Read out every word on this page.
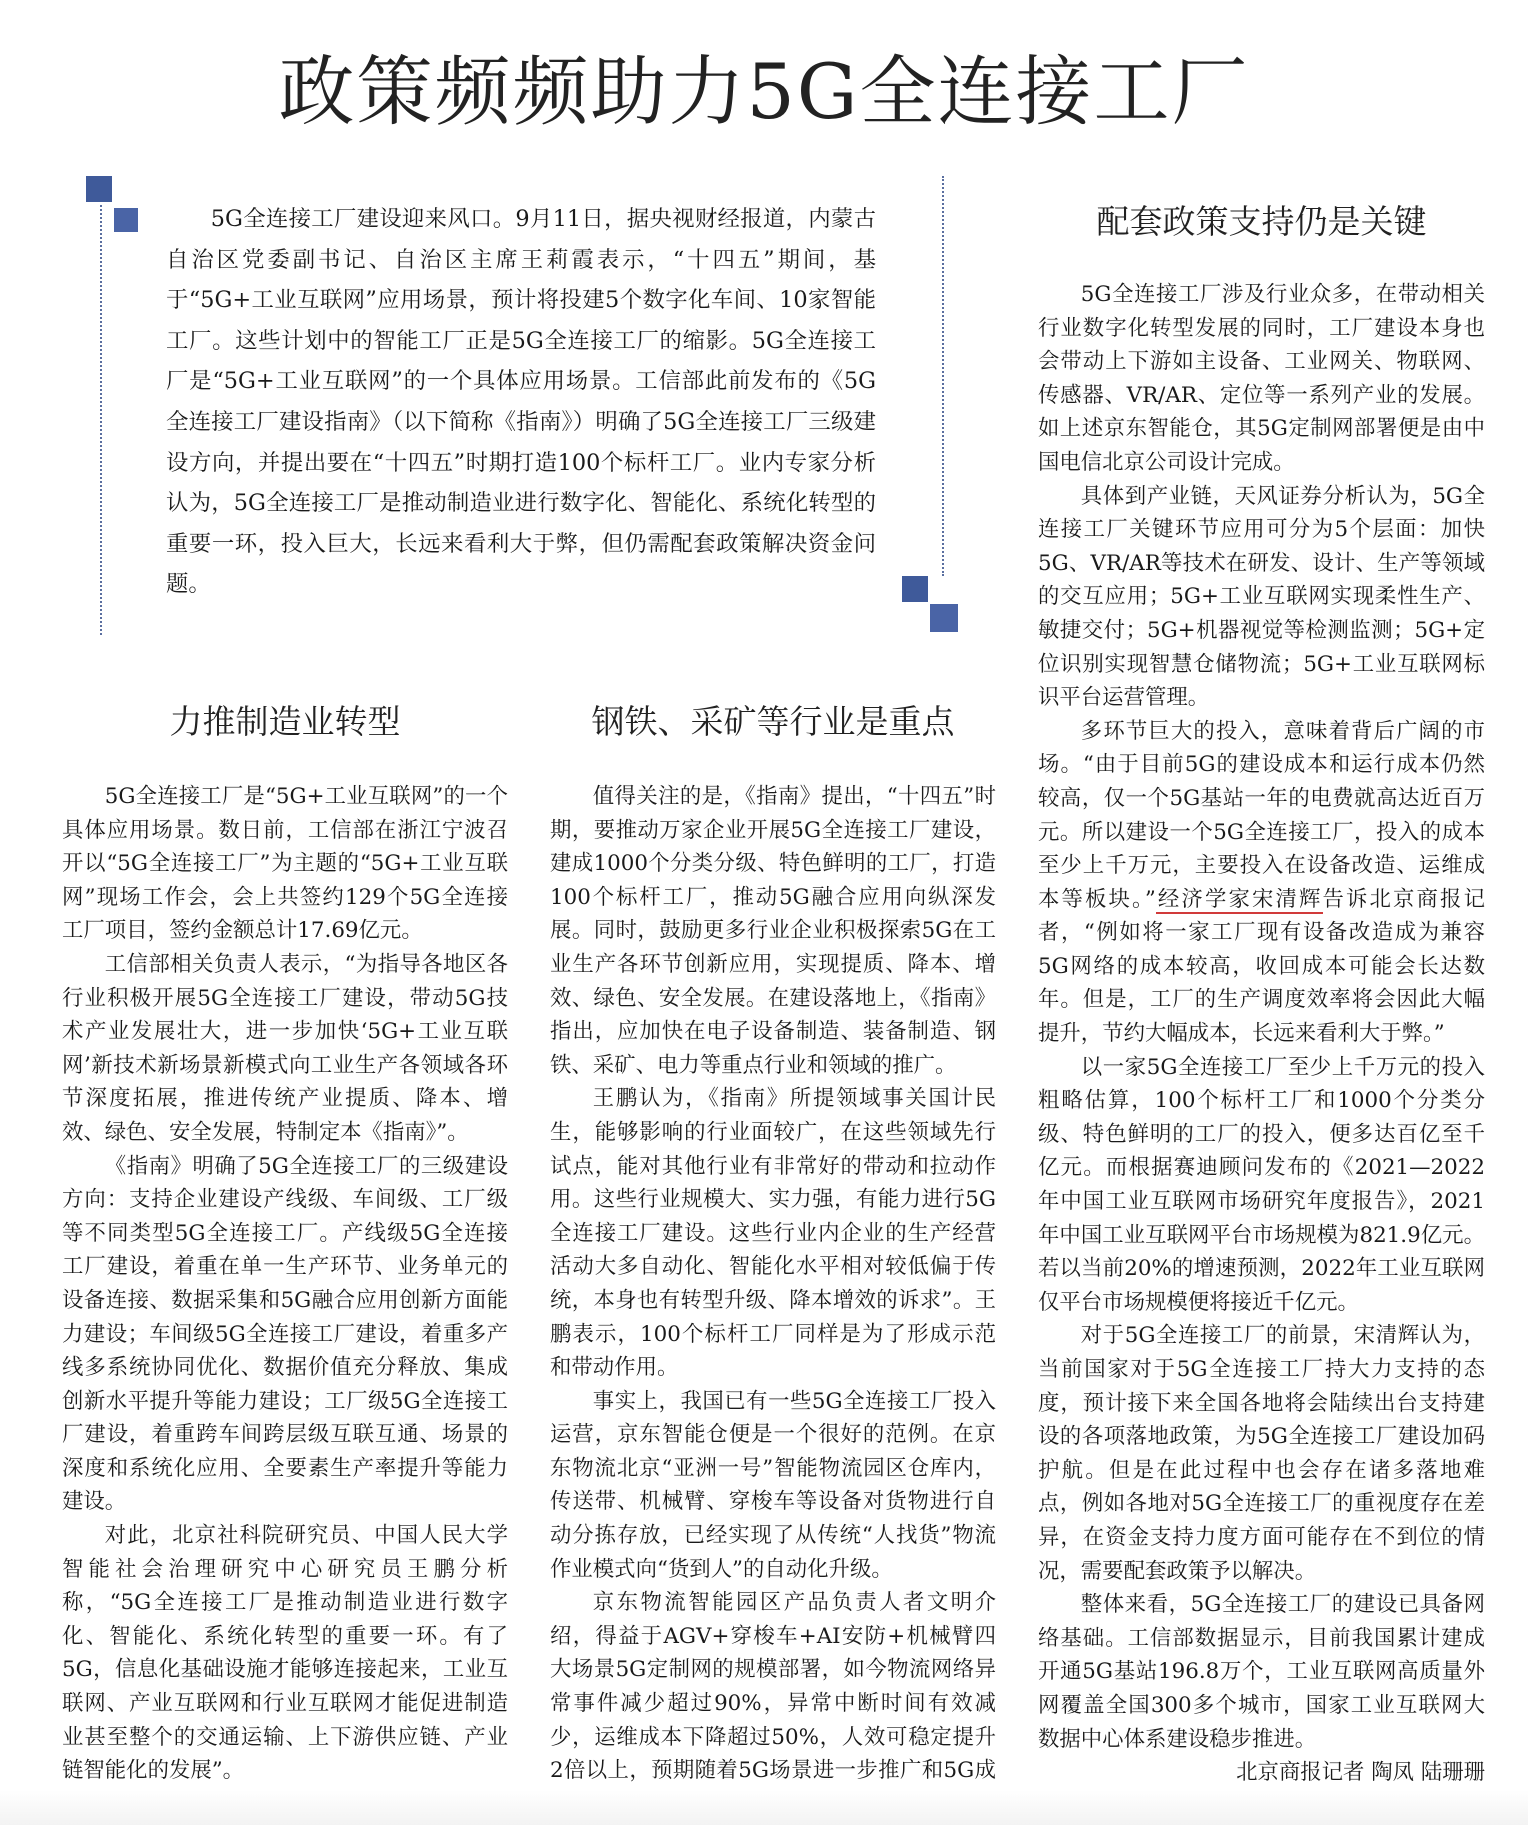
政策频频助力5G全连接工厂

5G全连接工厂建设迎来风口。9月11日，据央视财经报道，内蒙古自治区党委副书记、自治区主席王莉霞表示，“十四五”期间，基于“5G+工业互联网”应用场景，预计将投建5个数字化车间、10家智能工厂。这些计划中的智能工厂正是5G全连接工厂的缩影。5G全连接工厂是“5G+工业互联网”的一个具体应用场景。工信部此前发布的《5G全连接工厂建设指南》（以下简称《指南》）明确了5G全连接工厂三级建设方向，并提出要在“十四五”时期打造100个标杆工厂。业内专家分析认为，5G全连接工厂是推动制造业进行数字化、智能化、系统化转型的重要一环，投入巨大，长远来看利大于弊，但仍需配套政策解决资金问题。

力推制造业转型

5G全连接工厂是“5G+工业互联网”的一个具体应用场景。数日前，工信部在浙江宁波召开以“5G全连接工厂”为主题的“5G+工业互联网”现场工作会，会上共签约129个5G全连接工厂项目，签约金额总计17.69亿元。

工信部相关负责人表示，“为指导各地区各行业积极开展5G全连接工厂建设，带动5G技术产业发展壮大，进一步加快‘5G+工业互联网’新技术新场景新模式向工业生产各领域各环节深度拓展，推进传统产业提质、降本、增效、绿色、安全发展，特制定本《指南》”。

《指南》明确了5G全连接工厂的三级建设方向：支持企业建设产线级、车间级、工厂级等不同类型5G全连接工厂。产线级5G全连接工厂建设，着重在单一生产环节、业务单元的设备连接、数据采集和5G融合应用创新方面能力建设；车间级5G全连接工厂建设，着重多产线多系统协同优化、数据价值充分释放、集成创新水平提升等能力建设；工厂级5G全连接工厂建设，着重跨车间跨层级互联互通、场景的深度和系统化应用、全要素生产率提升等能力建设。

对此，北京社科院研究员、中国人民大学智能社会治理研究中心研究员王鹏分析称，“5G全连接工厂是推动制造业进行数字化、智能化、系统化转型的重要一环。有了5G，信息化基础设施才能够连接起来，工业互联网、产业互联网和行业互联网才能促进制造业甚至整个的交通运输、上下游供应链、产业链智能化的发展”。

钢铁、采矿等行业是重点

值得关注的是，《指南》提出，“十四五”时期，要推动万家企业开展5G全连接工厂建设，建成1000个分类分级、特色鲜明的工厂，打造100个标杆工厂，推动5G融合应用向纵深发展。同时，鼓励更多行业企业积极探索5G在工业生产各环节创新应用，实现提质、降本、增效、绿色、安全发展。在建设落地上，《指南》指出，应加快在电子设备制造、装备制造、钢铁、采矿、电力等重点行业和领域的推广。

王鹏认为，《指南》所提领域事关国计民生，能够影响的行业面较广，在这些领域先行试点，能对其他行业有非常好的带动和拉动作用。这些行业规模大、实力强，有能力进行5G全连接工厂建设。这些行业内企业的生产经营活动大多自动化、智能化水平相对较低偏于传统，本身也有转型升级、降本增效的诉求”。王鹏表示，100个标杆工厂同样是为了形成示范和带动作用。

事实上，我国已有一些5G全连接工厂投入运营，京东智能仓便是一个很好的范例。在京东物流北京“亚洲一号”智能物流园区仓库内，传送带、机械臂、穿梭车等设备对货物进行自动分拣存放，已经实现了从传统“人找货”物流作业模式向“货到人”的自动化升级。

京东物流智能园区产品负责人者文明介绍，得益于AGV+穿梭车+AI安防+机械臂四大场景5G定制网的规模部署，如今物流网络异常事件减少超过90%，异常中断时间有效减少，运维成本下降超过50%，人效可稳定提升2倍以上，预期随着5G场景进一步推广和5G成

配套政策支持仍是关键

5G全连接工厂涉及行业众多，在带动相关行业数字化转型发展的同时，工厂建设本身也会带动上下游如主设备、工业网关、物联网、传感器、VR/AR、定位等一系列产业的发展。如上述京东智能仓，其5G定制网部署便是由中国电信北京公司设计完成。

具体到产业链，天风证券分析认为，5G全连接工厂关键环节应用可分为5个层面：加快5G、VR/AR等技术在研发、设计、生产等领域的交互应用；5G+工业互联网实现柔性生产、敏捷交付；5G+机器视觉等检测监测；5G+定位识别实现智慧仓储物流；5G+工业互联网标识平台运营管理。

多环节巨大的投入，意味着背后广阔的市场。“由于目前5G的建设成本和运行成本仍然较高，仅一个5G基站一年的电费就高达近百万元。所以建设一个5G全连接工厂，投入的成本至少上千万元，主要投入在设备改造、运维成本等板块。”经济学家宋清辉告诉北京商报记者，“例如将一家工厂现有设备改造成为兼容5G网络的成本较高，收回成本可能会长达数年。但是，工厂的生产调度效率将会因此大幅提升，节约大幅成本，长远来看利大于弊。”

以一家5G全连接工厂至少上千万元的投入粗略估算，100个标杆工厂和1000个分类分级、特色鲜明的工厂的投入，便多达百亿至千亿元。而根据赛迪顾问发布的《2021—2022年中国工业互联网市场研究年度报告》，2021年中国工业互联网平台市场规模为821.9亿元。若以当前20%的增速预测，2022年工业互联网仅平台市场规模便将接近千亿元。

对于5G全连接工厂的前景，宋清辉认为，当前国家对于5G全连接工厂持大力支持的态度，预计接下来全国各地将会陆续出台支持建设的各项落地政策，为5G全连接工厂建设加码护航。但是在此过程中也会存在诸多落地难点，例如各地对5G全连接工厂的重视度存在差异，在资金支持力度方面可能存在不到位的情况，需要配套政策予以解决。

整体来看，5G全连接工厂的建设已具备网络基础。工信部数据显示，目前我国累计建成开通5G基站196.8万个，工业互联网高质量外网覆盖全国300多个城市，国家工业互联网大数据中心体系建设稳步推进。

北京商报记者 陶凤 陆珊珊
